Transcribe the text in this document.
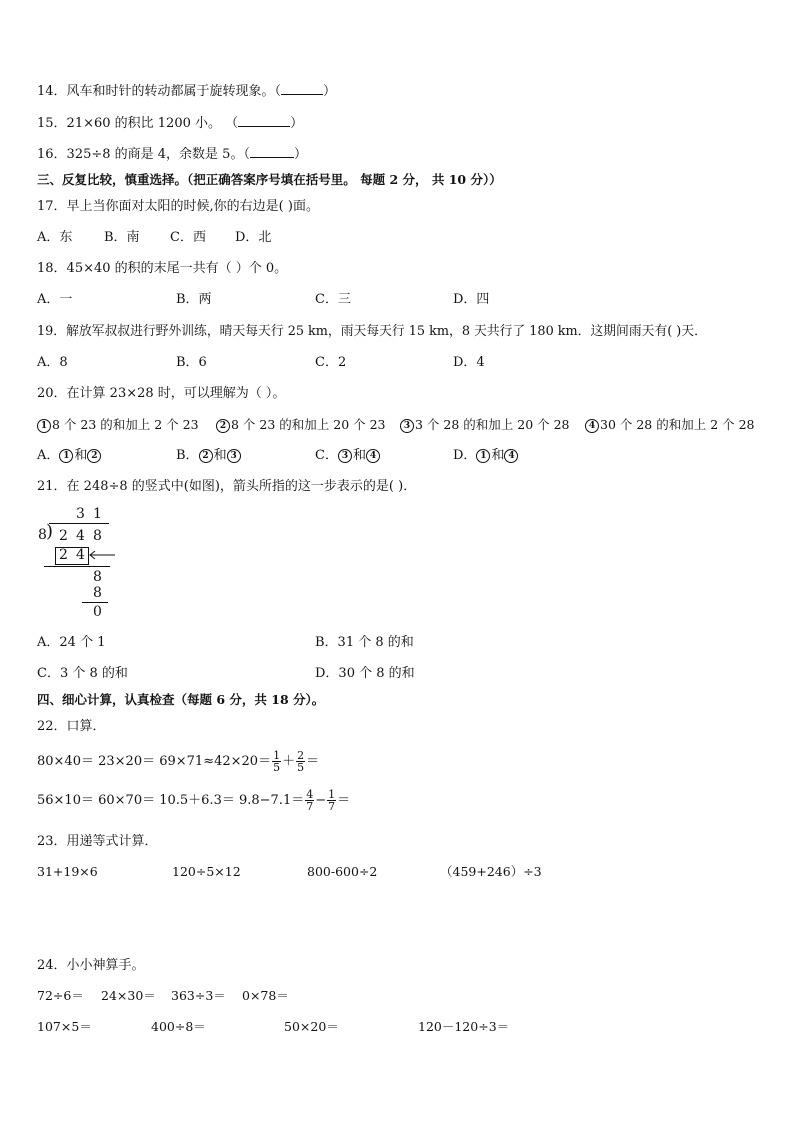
14．风车和时针的转动都属于旋转现象。（	）
15．21×60 的积比 1200 小。 （	）
16．325÷8 的商是 4，余数是 5。（	）
三、反复比较，慎重选择。（把正确答案序号填在括号里。 每题 2 分， 共 10 分））
17．早上当你面对太阳的时候,你的右边是( )面。
A．东 B．南 C．西 D．北
18．45×40 的积的末尾一共有（ ）个 0。
A．一	B．两	C．三	D．四
19．解放军叔叔进行野外训练，晴天每天行 25 km，雨天每天行 15 km，8 天共行了 180 km．这期间雨天有( )天．
A．8	B．6	C．2	D．4
20．在计算 23×28 时，可以理解为（ ）。
1 8 个 23 的和加上 2 个 23	2 8 个 23 的和加上 20 个 23	3 3 个 28 的和加上 20 个 28	4 30 个 28 的和加上 2 个 28
A． 1 和 2	B． 2 和 3	C． 3 和 4	D． 1 和 4
21．在 248÷8 的竖式中(如图)，箭头所指的这一步表示的是( )．
3 1
8 ) 2 4 8
2 4
8
8
0
A．24 个 1	B．31 个 8 的和
C．3 个 8 的和	D．30 个 8 的和
四、细心计算，认真检查（每题 6 分，共 18 分）。
22．口算．
$80\times 40= 23\times 20= 69\times 71\approx 42\times 20= \frac{1}{5} + \frac{2}{5}$ ＝
$56\times 10= 60\times 70= 10.5+6.3= 9.8-7.1= \frac{4}{7} - \frac{1}{7}$ ＝
23．用递等式计算．
31+19×6	120÷5×12	800-600÷2	（459+246）÷3
24．小小神算手。
72÷6＝ 24×30＝ 363÷3＝ 0×78＝
107×5＝	400÷8＝	50×20＝	120－120÷3＝
